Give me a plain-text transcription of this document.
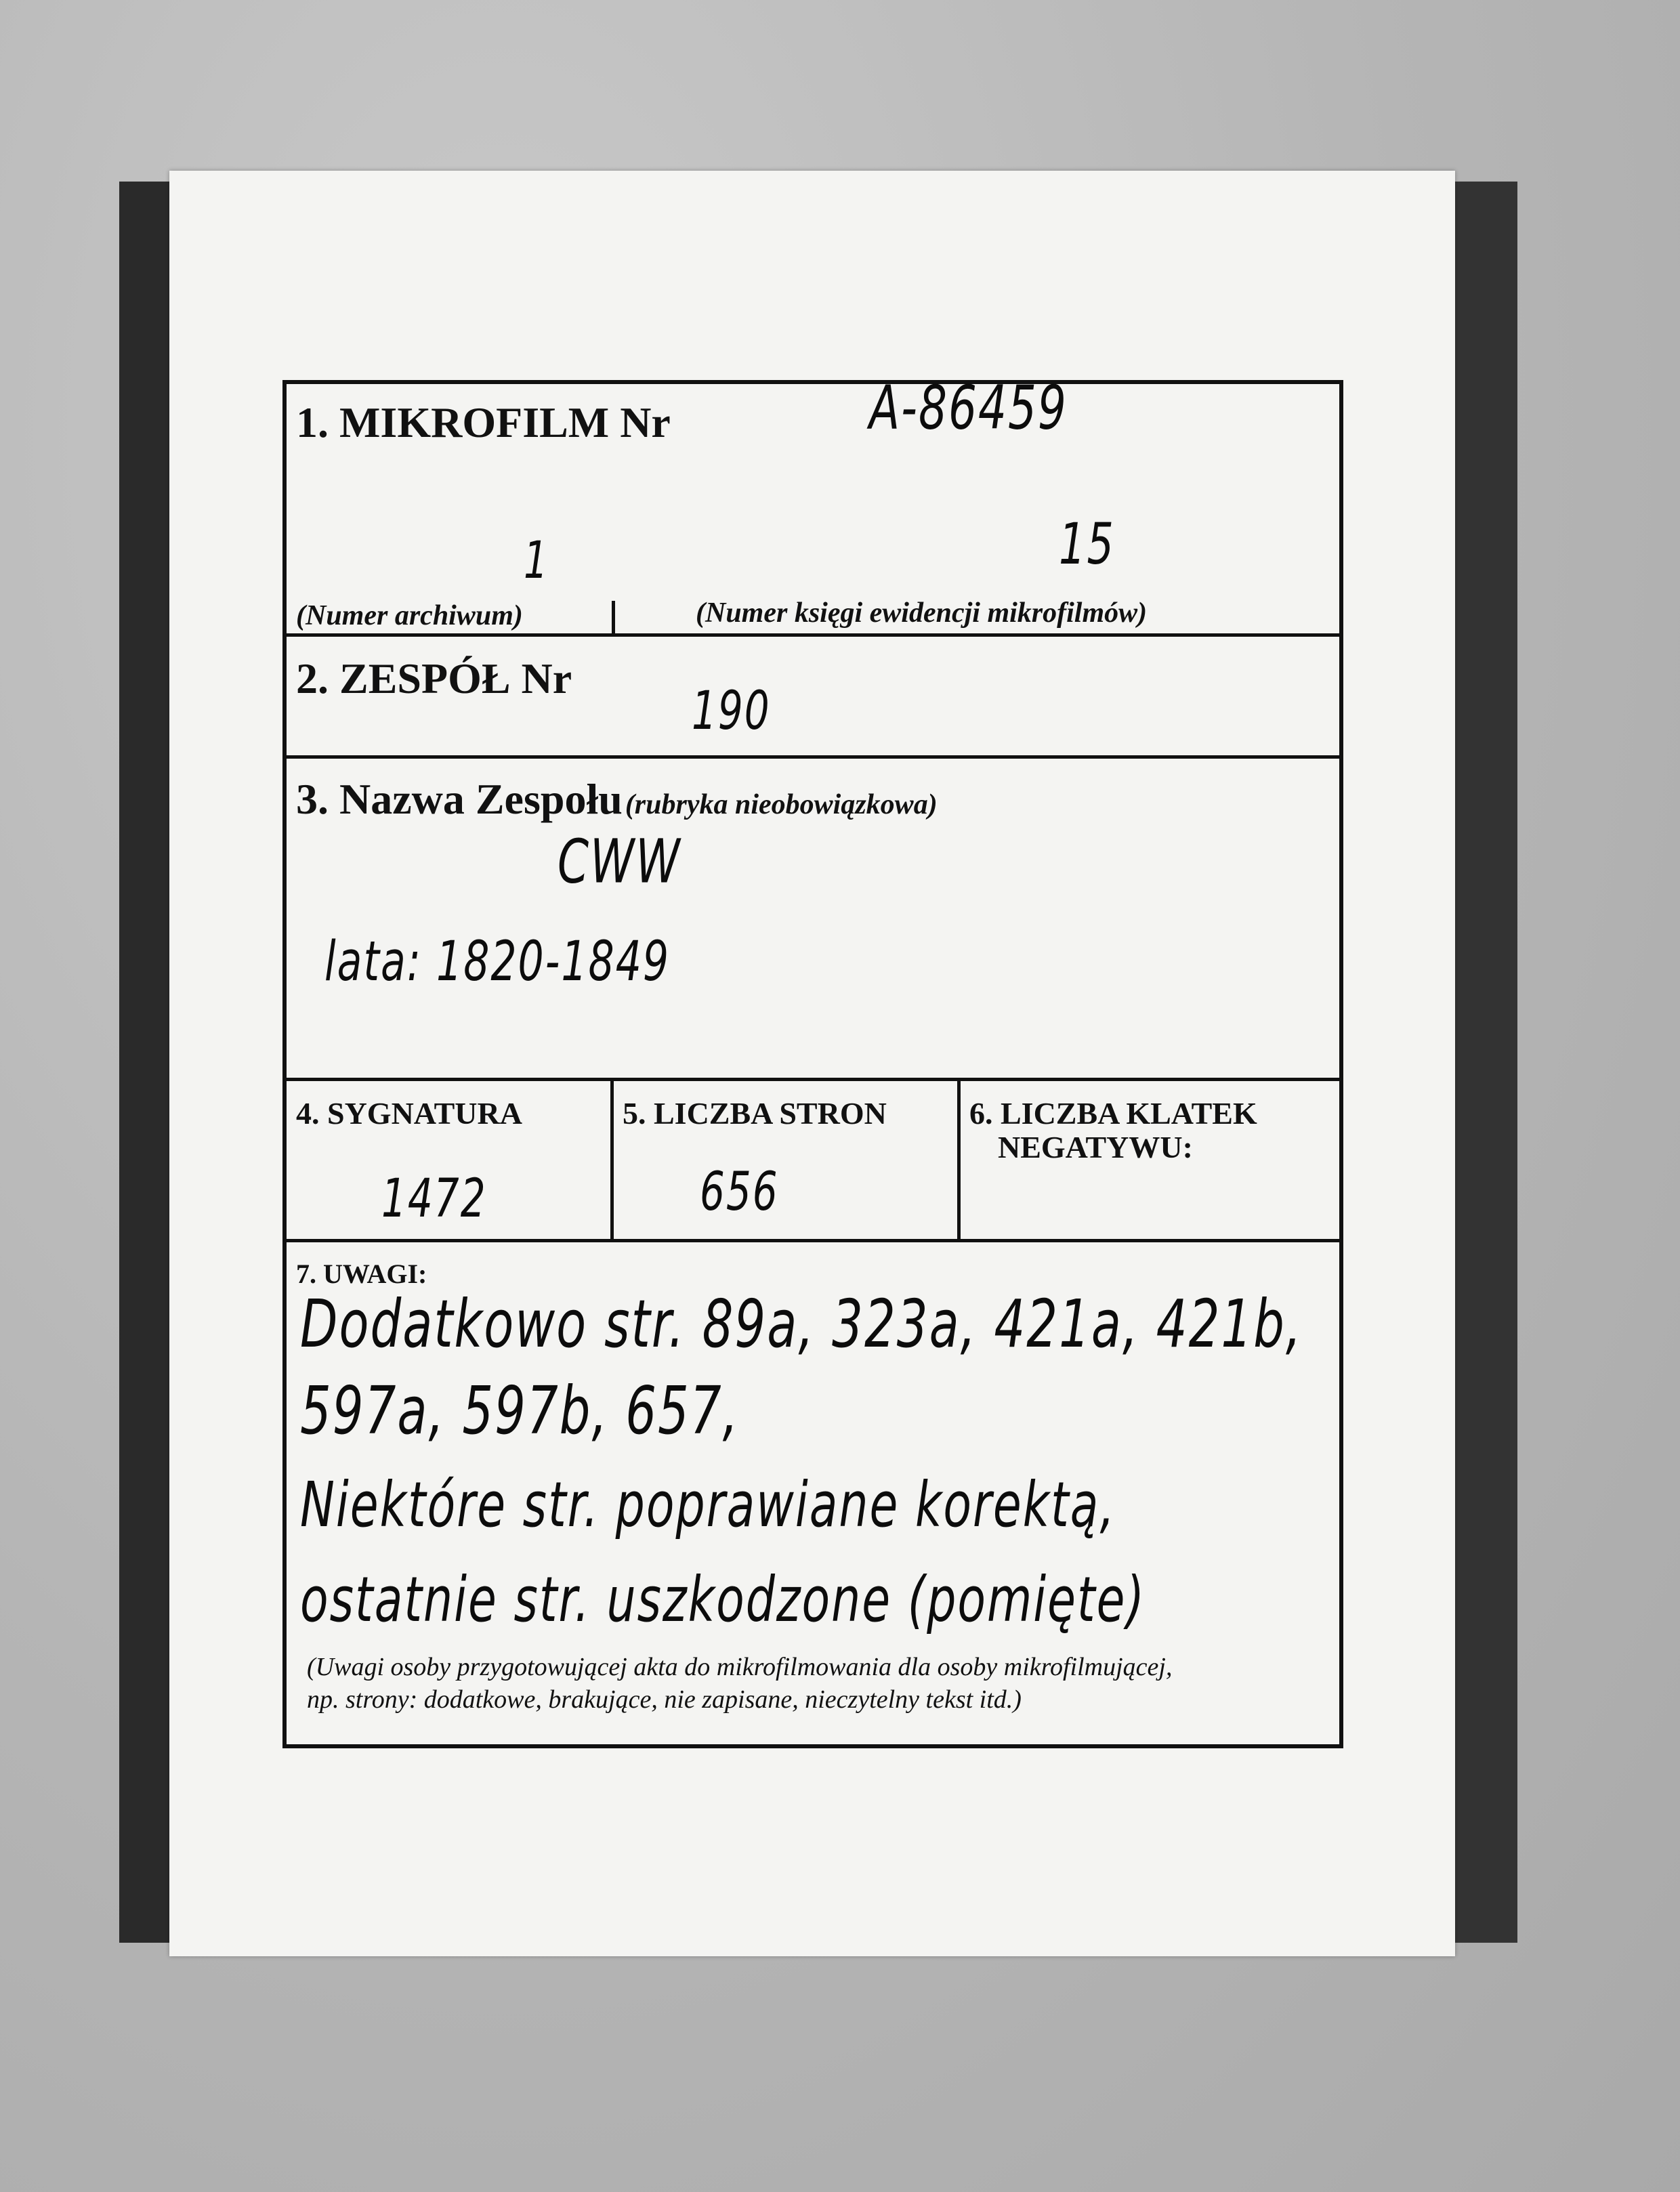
1. MIKROFILM Nr	A-86459
1	15
(Numer archiwum)	(Numer księgi ewidencji mikrofilmów)
2. ZESPÓŁ Nr
190
3. Nazwa Zespołu (rubryka nieobowiązkowa)
CWW
lata: 1820-1849
4. SYGNATURA
1472
5. LICZBA STRON
656
6. LICZBA KLATEK
NEGATYWU:
7. UWAGI:
Dodatkowo str. 89a, 323a, 421a, 421b,
597a, 597b, 657,
Niektóre str. poprawiane korektą,
ostatnie str. uszkodzone (pomięte)
(Uwagi osoby przygotowującej akta do mikrofilmowania dla osoby mikrofilmującej,
np. strony: dodatkowe, brakujące, nie zapisane, nieczytelny tekst itd.)
